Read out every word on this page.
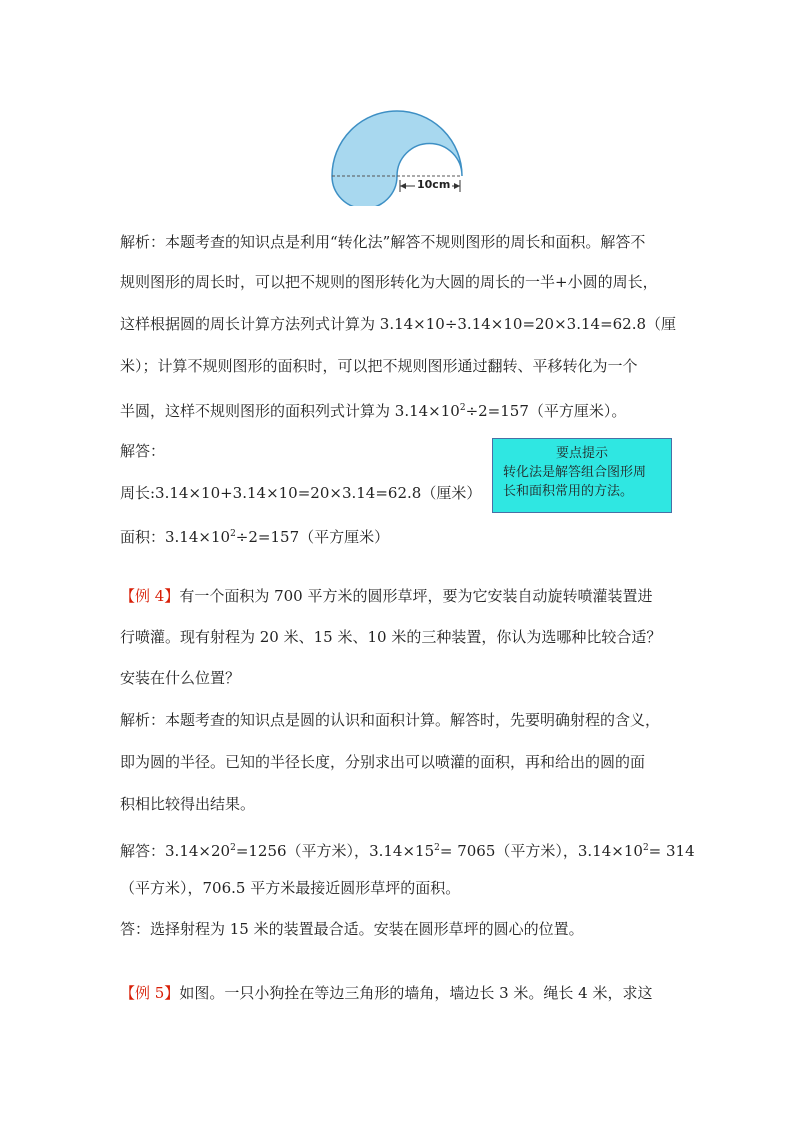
10cm
解析：本题考查的知识点是利用“转化法”解答不规则图形的周长和面积。解答不
规则图形的周长时，可以把不规则的图形转化为大圆的周长的一半+小圆的周长，
这样根据圆的周长计算方法列式计算为 3.14×10÷3.14×10=20×3.14=62.8（厘
米）；计算不规则图形的面积时，可以把不规则图形通过翻转、平移转化为一个
半圆，这样不规则图形的面积列式计算为 $3.14\times 10^2\div 2=157$（平方厘米）。
解答：
周长:3.14×10+3.14×10=20×3.14=62.8（厘米）
面积：$3.14\times 10^2\div 2=157$（平方厘米）
要点提示
转化法是解答组合图形周
长和面积常用的方法。
【例 4】有一个面积为 700 平方米的圆形草坪，要为它安装自动旋转喷灌装置进
行喷灌。现有射程为 20 米、15 米、10 米的三种装置，你认为选哪种比较合适？
安装在什么位置？
解析：本题考查的知识点是圆的认识和面积计算。解答时，先要明确射程的含义，
即为圆的半径。已知的半径长度，分别求出可以喷灌的面积，再和给出的圆的面
积相比较得出结果。
解答：$3.14\times 20^2=1256$（平方米），$3.14\times 15^2= 7065$（平方米），$3.14\times 10^2= 314$
（平方米），706.5 平方米最接近圆形草坪的面积。
答：选择射程为 15 米的装置最合适。安装在圆形草坪的圆心的位置。
【例 5】如图。一只小狗拴在等边三角形的墙角，墙边长 3 米。绳长 4 米，求这
